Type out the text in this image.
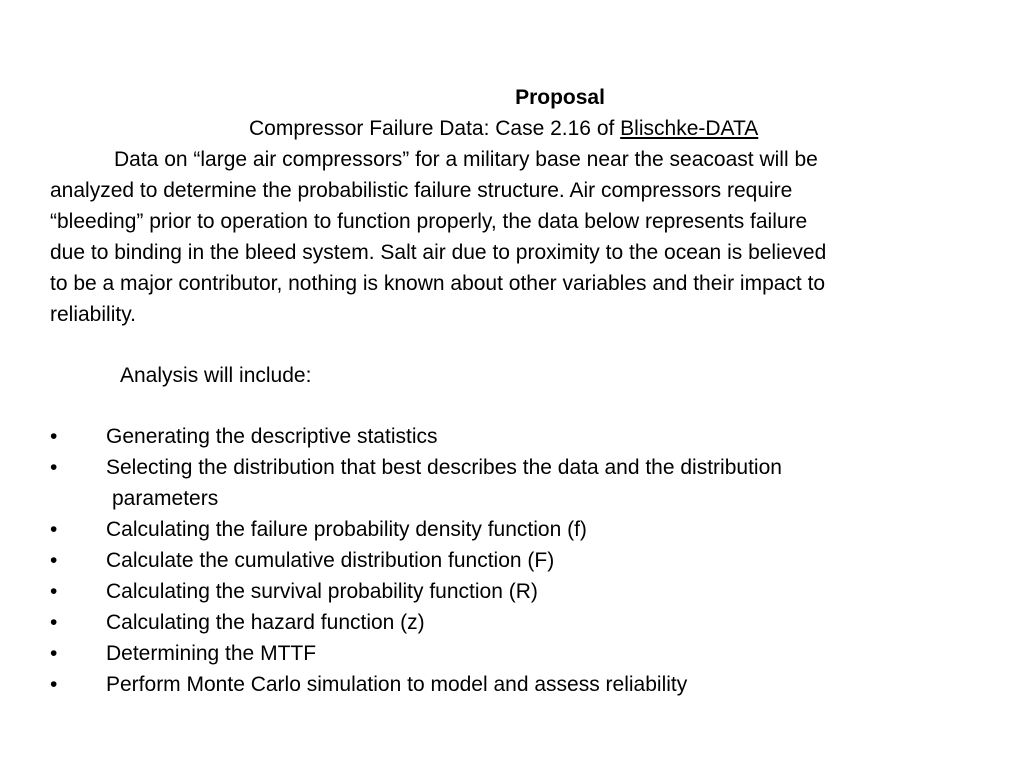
Proposal
Compressor Failure Data: Case 2.16 of Blischke-DATA
Data on “large air compressors” for a military base near the seacoast will be
analyzed to determine the probabilistic failure structure. Air compressors require
“bleeding” prior to operation to function properly, the data below represents failure
due to binding in the bleed system. Salt air due to proximity to the ocean is believed
to be a major contributor, nothing is known about other variables and their impact to
reliability.
Analysis will include:
•	Generating the descriptive statistics
•	Selecting the distribution that best describes the data and the distribution
parameters
•	Calculating the failure probability density function (f)
•	Calculate the cumulative distribution function (F)
•	Calculating the survival probability function (R)
•	Calculating the hazard function (z)
•	Determining the MTTF
•	Perform Monte Carlo simulation to model and assess reliability
